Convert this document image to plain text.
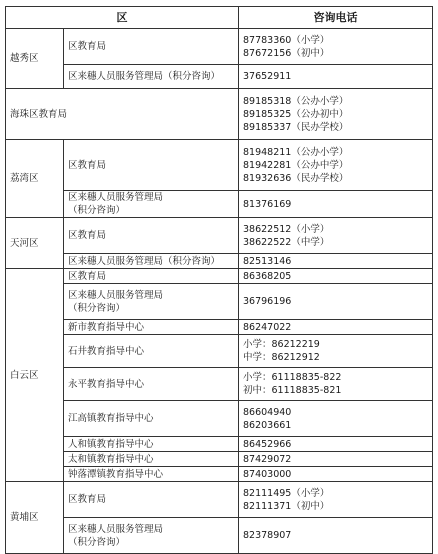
区		咨询电话
越秀区	区教育局	87783360（小学）
87672156（初中）

	区来穗人员服务管理局（积分咨询）	37652911

海珠区教育局		89185318（公办小学）
89185325（公办初中）
89185337（民办学校）

荔湾区	区教育局	81948211（公办小学）
81942281（公办中学）
81932636（民办学校）

	区来穗人员服务管理局
（积分咨询）	81376169

天河区	区教育局	38622512（小学）
38622522（中学）

	区来穗人员服务管理局（积分咨询）	82513146

白云区	区教育局	86368205

	区来穗人员服务管理局
（积分咨询）	36796196

	新市教育指导中心	86247022

	石井教育指导中心	小学：86212219
中学：86212912

	永平教育指导中心	小学：61118835-822
初中：61118835-821

	江高镇教育指导中心	86604940
86203661

	人和镇教育指导中心	86452966

	太和镇教育指导中心	87429072

	钟落潭镇教育指导中心	87403000

黄埔区	区教育局	82111495（小学）
82111371（初中）

	区来穗人员服务管理局
（积分咨询）	82378907
